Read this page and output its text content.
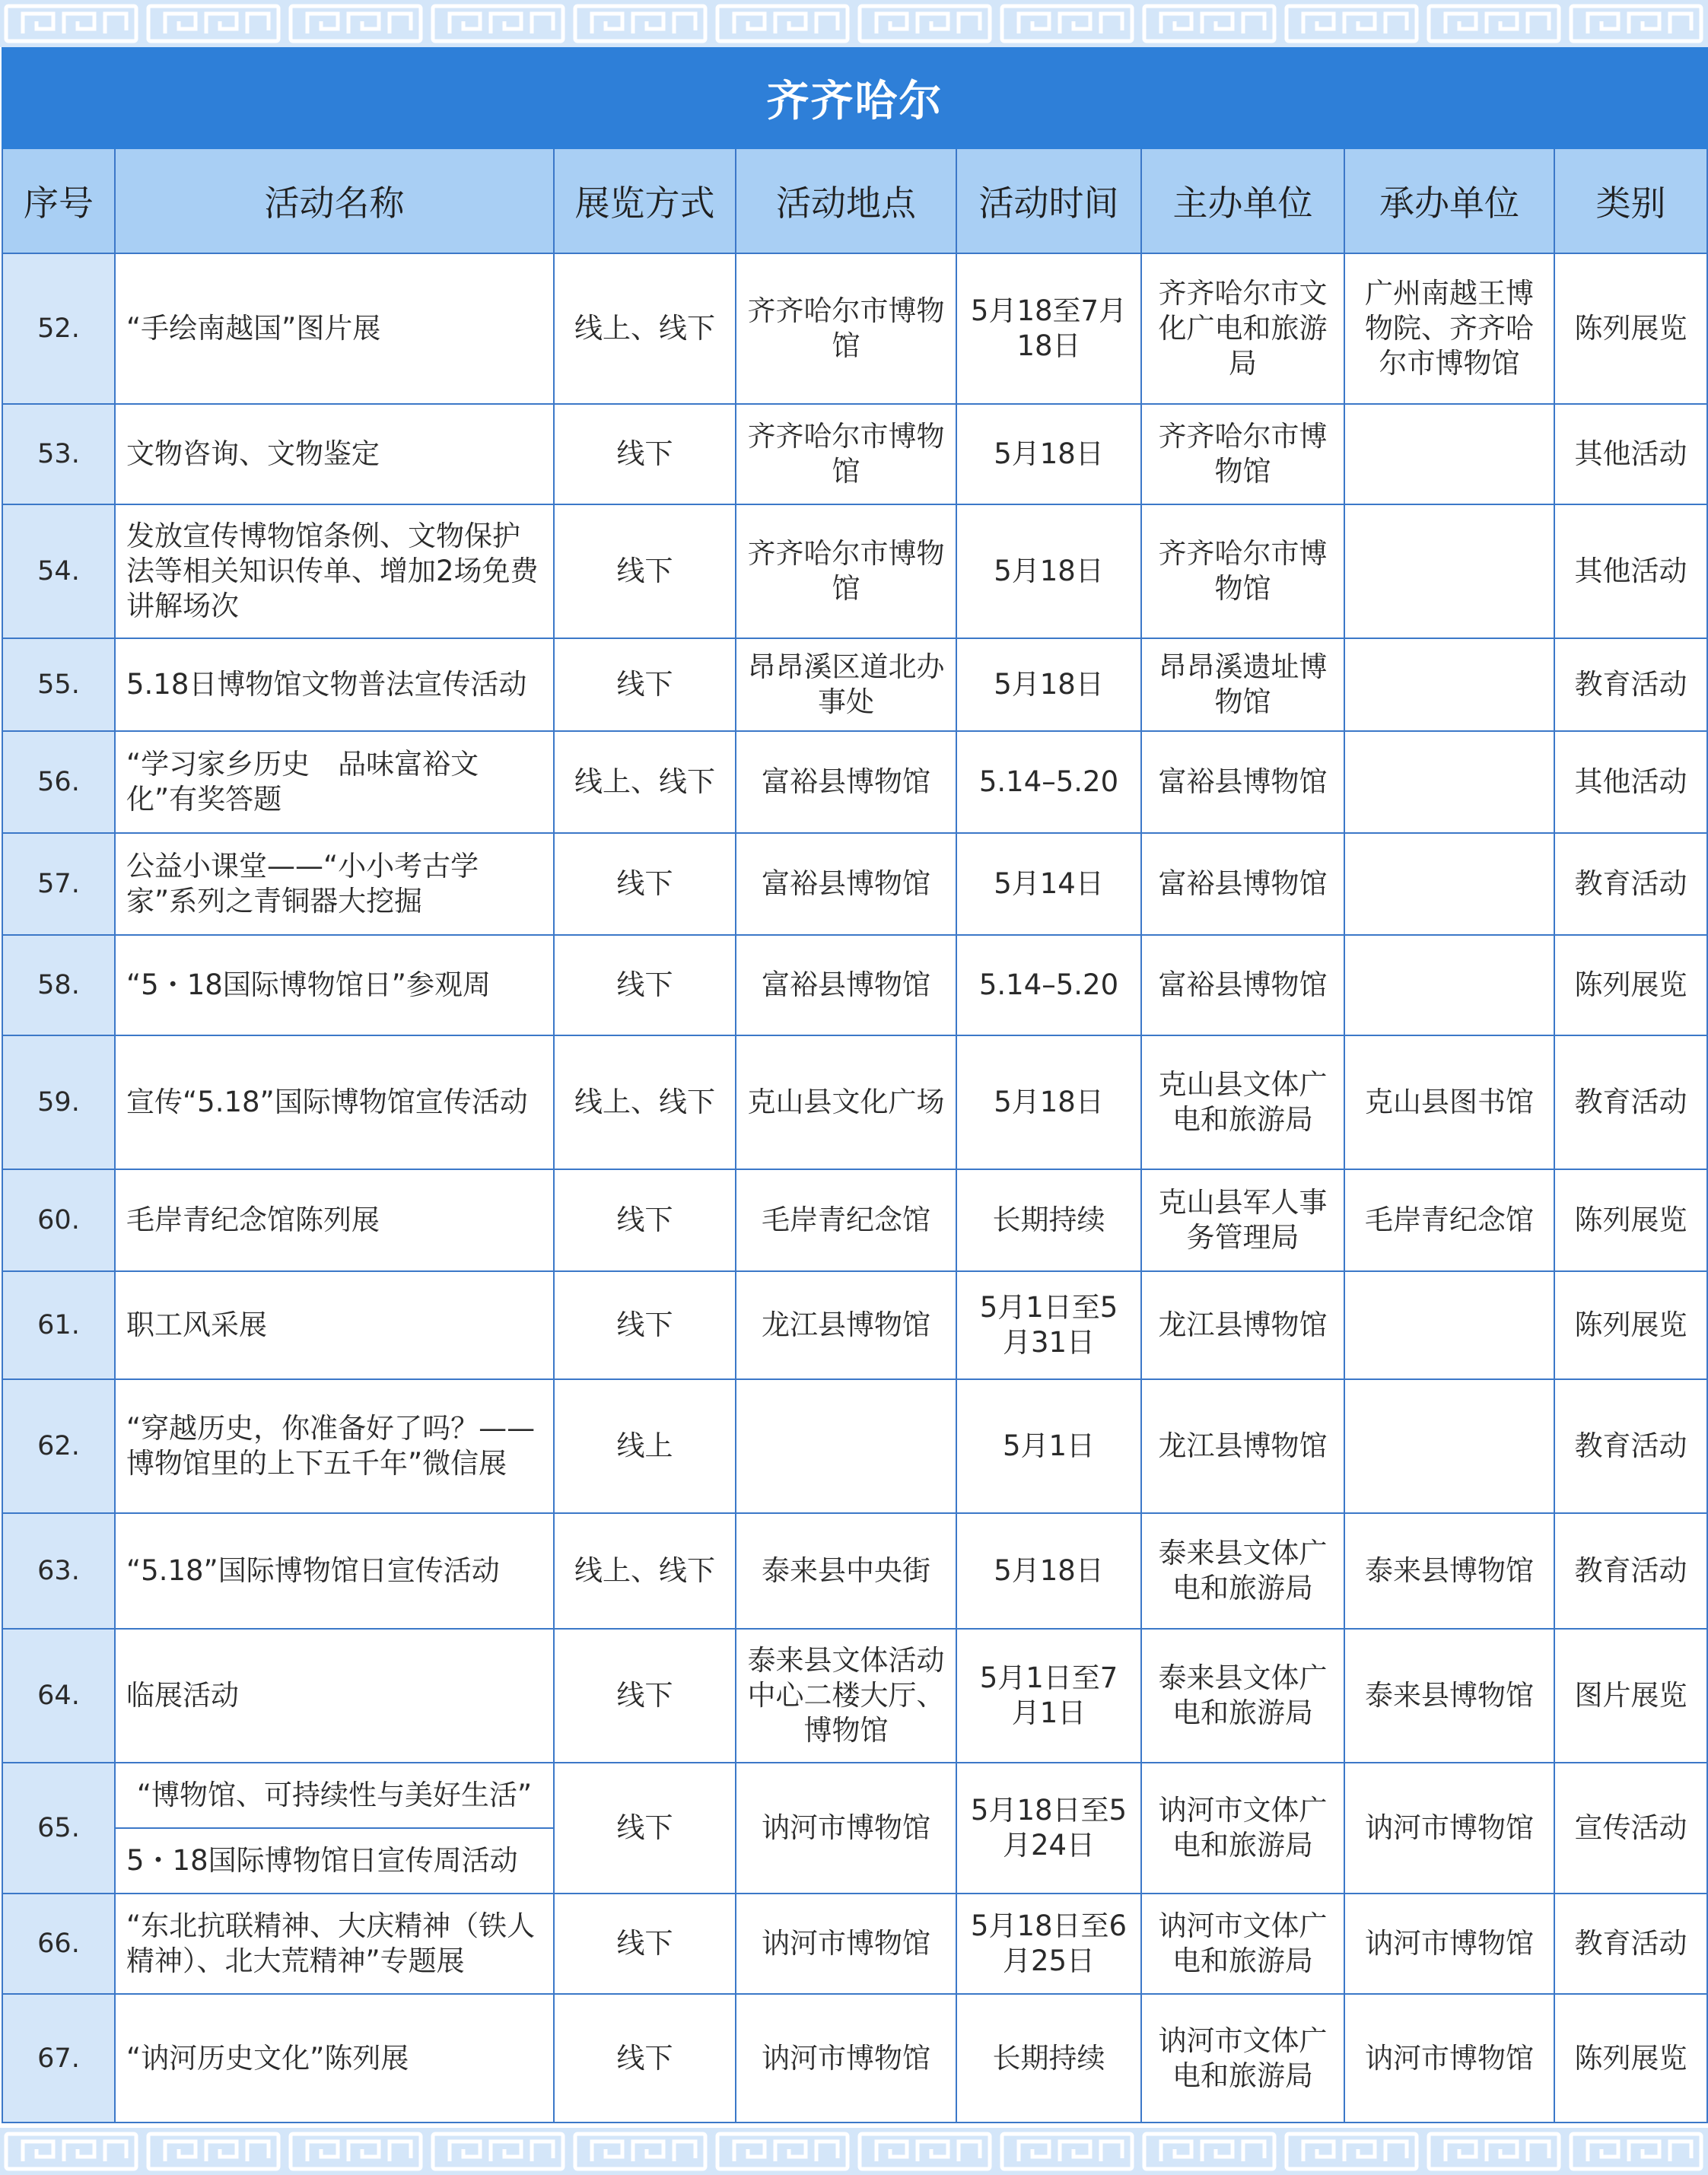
齐齐哈尔							
序号	活动名称	展览方式	活动地点	活动时间	主办单位	承办单位	类别
52.	“手绘南越国”图片展	线上、线下	齐齐哈尔市博物馆	5月18至7月18日	齐齐哈尔市文化广电和旅游局	广州南越王博物院、齐齐哈尔市博物馆	陈列展览
53.	文物咨询、文物鉴定	线下	齐齐哈尔市博物馆	5月18日	齐齐哈尔市博物馆		其他活动
54.	发放宣传博物馆条例、文物保护法等相关知识传单、增加2场免费讲解场次	线下	齐齐哈尔市博物馆	5月18日	齐齐哈尔市博物馆		其他活动
55.	5.18日博物馆文物普法宣传活动	线下	昂昂溪区道北办事处	5月18日	昂昂溪遗址博物馆		教育活动
56.	“学习家乡历史　品味富裕文化”有奖答题	线上、线下	富裕县博物馆	5.14–5.20	富裕县博物馆		其他活动
57.	公益小课堂——“小小考古学家”系列之青铜器大挖掘	线下	富裕县博物馆	5月14日	富裕县博物馆		教育活动
58.	“5・18国际博物馆日”参观周	线下	富裕县博物馆	5.14–5.20	富裕县博物馆		陈列展览
59.	宣传“5.18”国际博物馆宣传活动	线上、线下	克山县文化广场	5月18日	克山县文体广电和旅游局	克山县图书馆	教育活动
60.	毛岸青纪念馆陈列展	线下	毛岸青纪念馆	长期持续	克山县军人事务管理局	毛岸青纪念馆	陈列展览
61.	职工风采展	线下	龙江县博物馆	5月1日至5月31日	龙江县博物馆		陈列展览
62.	“穿越历史，你准备好了吗？——博物馆里的上下五千年”微信展	线上		5月1日	龙江县博物馆		教育活动
63.	“5.18”国际博物馆日宣传活动	线上、线下	泰来县中央街	5月18日	泰来县文体广电和旅游局	泰来县博物馆	教育活动
64.	临展活动	线下	泰来县文体活动中心二楼大厅、博物馆	5月1日至7月1日	泰来县文体广电和旅游局	泰来县博物馆	图片展览
65.	“博物馆、可持续性与美好生活”	线下	讷河市博物馆	5月18日至5月24日	讷河市文体广电和旅游局	讷河市博物馆	宣传活动
	5・18国际博物馆日宣传周活动						
66.	“东北抗联精神、大庆精神（铁人精神）、北大荒精神”专题展	线下	讷河市博物馆	5月18日至6月25日	讷河市文体广电和旅游局	讷河市博物馆	教育活动
67.	“讷河历史文化”陈列展	线下	讷河市博物馆	长期持续	讷河市文体广电和旅游局	讷河市博物馆	陈列展览
